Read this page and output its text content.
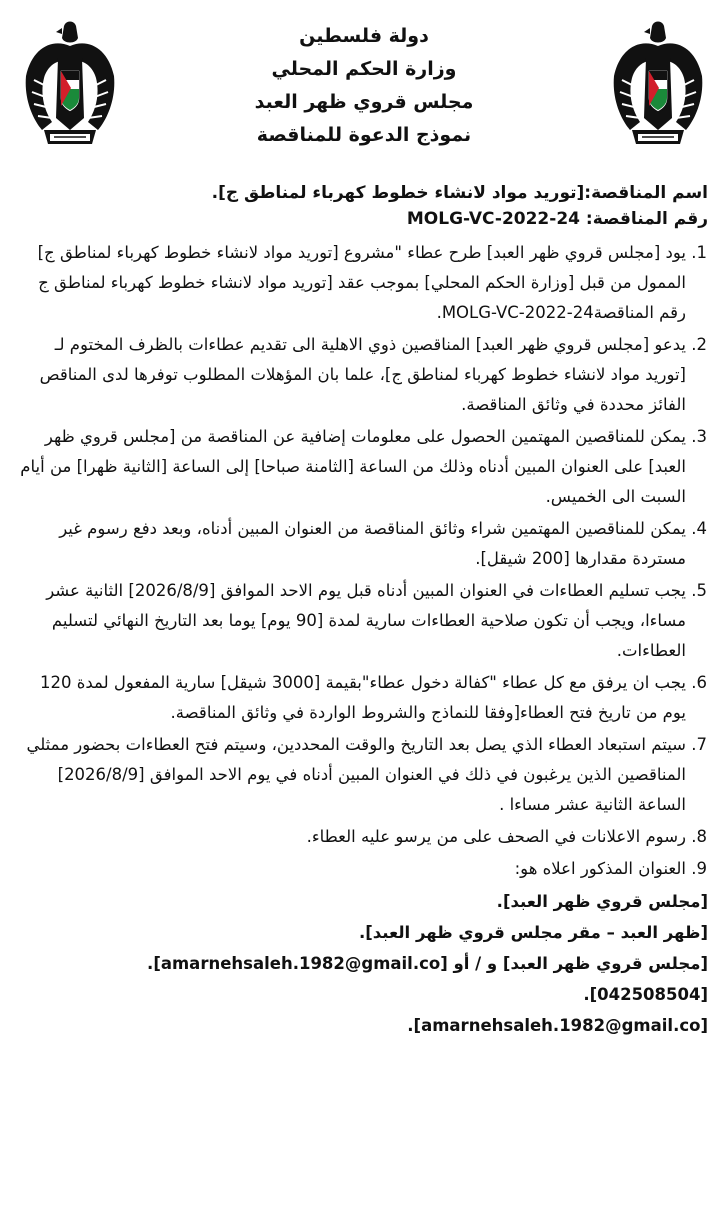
دولة فلسطين
وزارة الحكم المحلي
مجلس قروي ظهر العبد
نموذج الدعوة للمناقصة
اسم المناقصة:[توريد مواد لانشاء خطوط كهرباء لمناطق ج].
رقم المناقصة: MOLG-VC-2022-24
1. يود [مجلس قروي ظهر العبد] طرح عطاء "مشروع [توريد مواد لانشاء خطوط كهرباء لمناطق ج] الممول من قبل [وزارة الحكم المحلي] بموجب عقد [توريد مواد لانشاء خطوط كهرباء لمناطق ج رقم المناقصةMOLG-VC-2022-24.
2. يدعو [مجلس قروي ظهر العبد] المناقصين ذوي الاهلية الى تقديم عطاءات بالظرف المختوم لـ [توريد مواد لانشاء خطوط كهرباء لمناطق ج]، علما بان المؤهلات المطلوب توفرها لدى المناقص الفائز محددة في وثائق المناقصة.
3. يمكن للمناقصين المهتمين الحصول على معلومات إضافية عن المناقصة من [مجلس قروي ظهر العبد] على العنوان المبين أدناه وذلك من الساعة [الثامنة صباحا] إلى الساعة [الثانية ظهرا] من أيام السبت الى الخميس.
4. يمكن للمناقصين المهتمين شراء وثائق المناقصة من العنوان المبين أدناه، وبعد دفع رسوم غير مستردة مقدارها [200 شيقل].
5. يجب تسليم العطاءات في العنوان المبين أدناه قبل يوم الاحد الموافق [2026/8/9] الثانية عشر مساءا، ويجب أن تكون صلاحية العطاءات سارية لمدة [90 يوم] يوما بعد التاريخ النهائي لتسليم العطاءات.
6. يجب ان يرفق مع كل عطاء "كفالة دخول عطاء"بقيمة [3000 شيقل] سارية المفعول لمدة 120 يوم من تاريخ فتح العطاء[وفقا للنماذج والشروط الواردة في وثائق المناقصة.
7. سيتم استبعاد العطاء الذي يصل بعد التاريخ والوقت المحددين، وسيتم فتح العطاءات بحضور ممثلي المناقصين الذين يرغبون في ذلك في العنوان المبين أدناه في يوم الاحد الموافق [2026/8/9] الساعة الثانية عشر مساءا .
8. رسوم الاعلانات في الصحف على من يرسو عليه العطاء.
9. العنوان المذكور اعلاه هو:
[مجلس قروي ظهر العبد].
[ظهر العبد – مقر مجلس قروي ظهر العبد].
[مجلس قروي ظهر العبد] و / أو [amarnehsaleh.1982@gmail.co].
[042508504].
[amarnehsaleh.1982@gmail.co].
